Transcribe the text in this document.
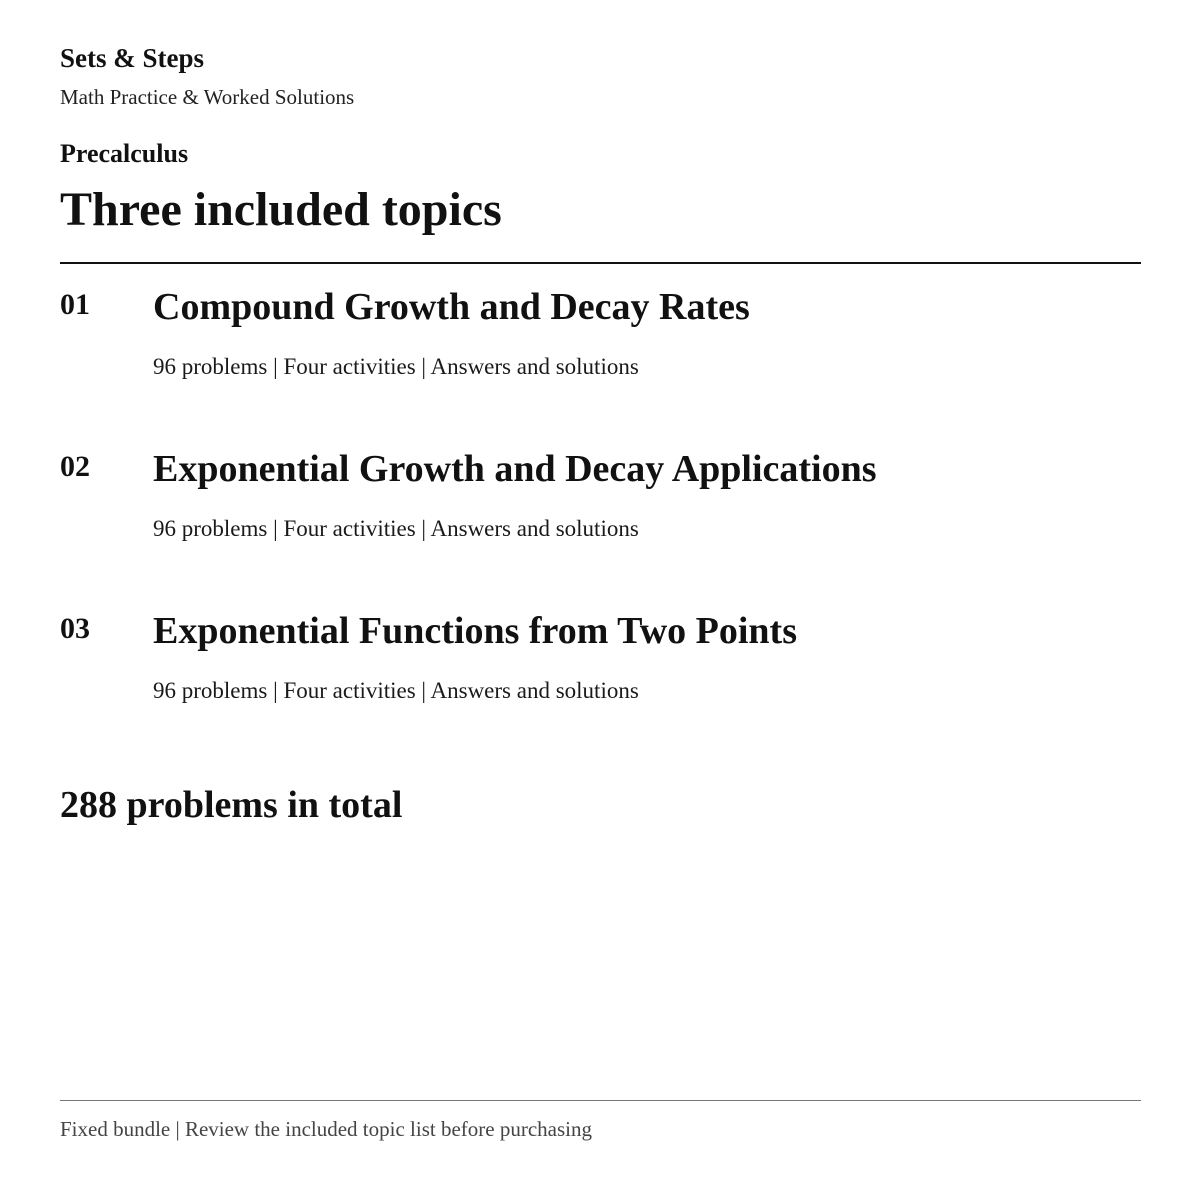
Sets & Steps
Math Practice & Worked Solutions
Precalculus
Three included topics
01 Compound Growth and Decay Rates
96 problems | Four activities | Answers and solutions
02 Exponential Growth and Decay Applications
96 problems | Four activities | Answers and solutions
03 Exponential Functions from Two Points
96 problems | Four activities | Answers and solutions
288 problems in total
Fixed bundle | Review the included topic list before purchasing
